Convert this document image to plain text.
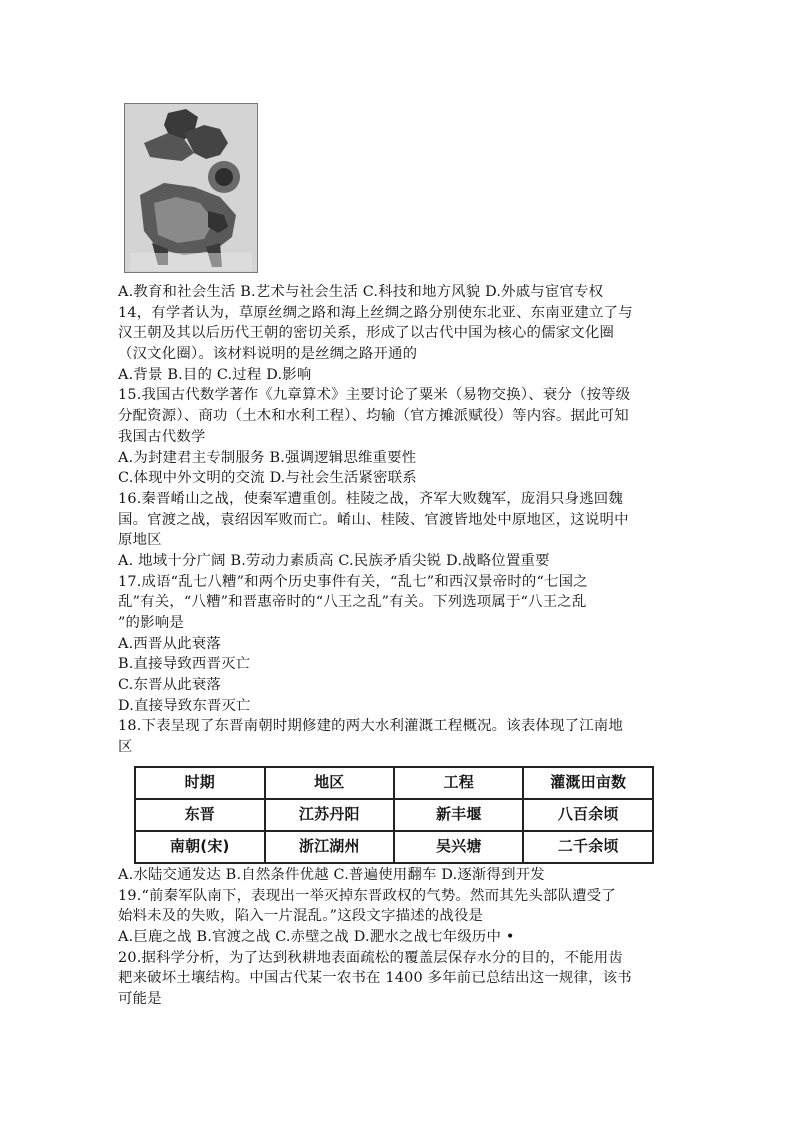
A.教育和社会生活 B.艺术与社会生活 C.科技和地方风貌 D.外戚与宦官专权
14，有学者认为，草原丝绸之路和海上丝绸之路分别使东北亚、东南亚建立了与
汉王朝及其以后历代王朝的密切关系，形成了以古代中国为核心的儒家文化圈
（汉文化圈）。该材料说明的是丝绸之路开通的
A.背景 B.目的 C.过程 D.影响
15.我国古代数学著作《九章算术》主要讨论了粟米（易物交换）、衰分（按等级
分配资源）、商功（土木和水利工程）、均输（官方摊派赋役）等内容。据此可知
我国古代数学
A.为封建君主专制服务 B.强调逻辑思维重要性
C.体现中外文明的交流 D.与社会生活紧密联系
16.秦晋崤山之战，使秦军遭重创。桂陵之战，齐军大败魏军，庞涓只身逃回魏
国。官渡之战，袁绍因军败而亡。崤山、桂陵、官渡皆地处中原地区，这说明中
原地区
A. 地域十分广阔 B.劳动力素质高 C.民族矛盾尖锐 D.战略位置重要
17.成语“乱七八糟”和两个历史事件有关，“乱七”和西汉景帝时的“七国之
乱”有关，“八糟”和晋惠帝时的“八王之乱”有关。下列选项属于“八王之乱
”的影响是
A.西晋从此衰落
B.直接导致西晋灭亡
C.东晋从此衰落
D.直接导致东晋灭亡
18.下表呈现了东晋南朝时期修建的两大水利灌溉工程概况。该表体现了江南地
区
时期	地区	工程	灌溉田亩数
东晋	江苏丹阳	新丰堰	八百余顷
南朝(宋)	浙江湖州	吴兴塘	二千余顷
A.水陆交通发达 B.自然条件优越 C.普遍使用翻车 D.逐渐得到开发
19.“前秦军队南下，表现出一举灭掉东晋政权的气势。然而其先头部队遭受了
始料未及的失败，陷入一片混乱。”这段文字描述的战役是
A.巨鹿之战 B.官渡之战 C.赤壁之战 D.淝水之战七年级历中 •
20.据科学分析，为了达到秋耕地表面疏松的覆盖层保存水分的目的，不能用齿
耙来破坏土壤结构。中国古代某一农书在 1400 多年前已总结出这一规律，该书
可能是
